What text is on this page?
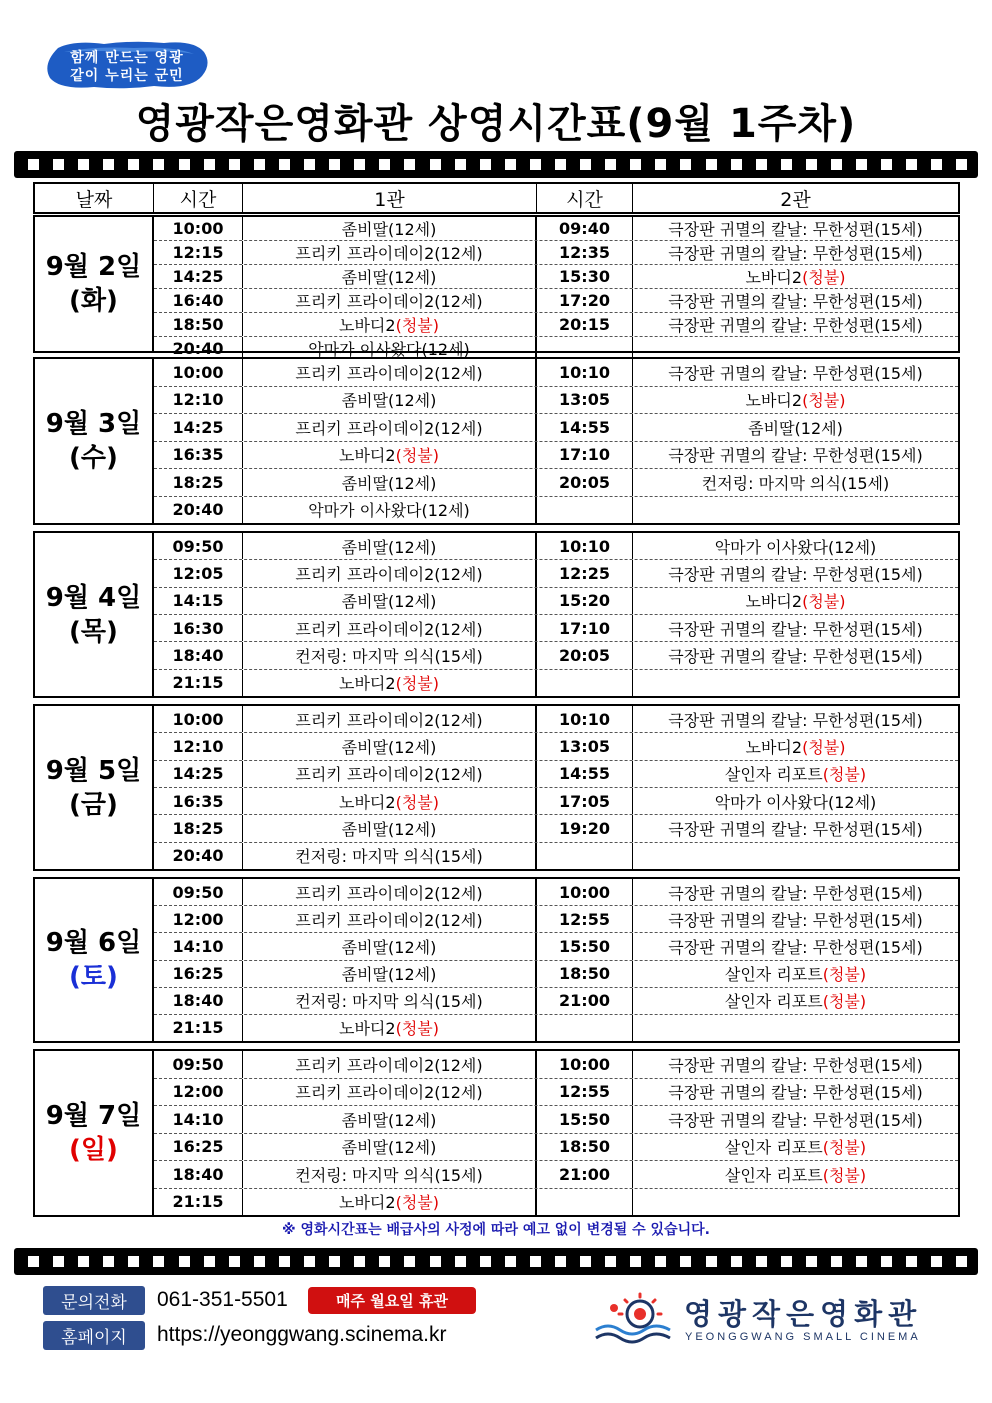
함께 만드는 영광
같이 누리는 군민
영광작은영화관 상영시간표(9월 1주차)
날짜	시간	1관	시간	2관
9월 2일
(화)
10:00	좀비딸 (12세)	09:40	극장판 귀멸의 칼날: 무한성편 (15세)
12:15	프리키 프라이데이2 (12세)	12:35	극장판 귀멸의 칼날: 무한성편 (15세)
14:25	좀비딸 (12세)	15:30	노바디2 (청불)
16:40	프리키 프라이데이2 (12세)	17:20	극장판 귀멸의 칼날: 무한성편 (15세)
18:50	노바디2 (청불)	20:15	극장판 귀멸의 칼날: 무한성편 (15세)
20:40	악마가 이사왔다 (12세)
9월 3일
(수)
10:00	프리키 프라이데이2 (12세)	10:10	극장판 귀멸의 칼날: 무한성편 (15세)
12:10	좀비딸 (12세)	13:05	노바디2 (청불)
14:25	프리키 프라이데이2 (12세)	14:55	좀비딸 (12세)
16:35	노바디2 (청불)	17:10	극장판 귀멸의 칼날: 무한성편 (15세)
18:25	좀비딸 (12세)	20:05	컨저링: 마지막 의식 (15세)
20:40	악마가 이사왔다 (12세)
9월 4일
(목)
09:50	좀비딸 (12세)	10:10	악마가 이사왔다 (12세)
12:05	프리키 프라이데이2 (12세)	12:25	극장판 귀멸의 칼날: 무한성편 (15세)
14:15	좀비딸 (12세)	15:20	노바디2 (청불)
16:30	프리키 프라이데이2 (12세)	17:10	극장판 귀멸의 칼날: 무한성편 (15세)
18:40	컨저링: 마지막 의식 (15세)	20:05	극장판 귀멸의 칼날: 무한성편 (15세)
21:15	노바디2 (청불)
9월 5일
(금)
10:00	프리키 프라이데이2 (12세)	10:10	극장판 귀멸의 칼날: 무한성편 (15세)
12:10	좀비딸 (12세)	13:05	노바디2 (청불)
14:25	프리키 프라이데이2 (12세)	14:55	살인자 리포트 (청불)
16:35	노바디2 (청불)	17:05	악마가 이사왔다 (12세)
18:25	좀비딸 (12세)	19:20	극장판 귀멸의 칼날: 무한성편 (15세)
20:40	컨저링: 마지막 의식 (15세)
9월 6일
(토)
09:50	프리키 프라이데이2 (12세)	10:00	극장판 귀멸의 칼날: 무한성편 (15세)
12:00	프리키 프라이데이2 (12세)	12:55	극장판 귀멸의 칼날: 무한성편 (15세)
14:10	좀비딸 (12세)	15:50	극장판 귀멸의 칼날: 무한성편 (15세)
16:25	좀비딸 (12세)	18:50	살인자 리포트 (청불)
18:40	컨저링: 마지막 의식 (15세)	21:00	살인자 리포트 (청불)
21:15	노바디2 (청불)
9월 7일
(일)
09:50	프리키 프라이데이2 (12세)	10:00	극장판 귀멸의 칼날: 무한성편 (15세)
12:00	프리키 프라이데이2 (12세)	12:55	극장판 귀멸의 칼날: 무한성편 (15세)
14:10	좀비딸 (12세)	15:50	극장판 귀멸의 칼날: 무한성편 (15세)
16:25	좀비딸 (12세)	18:50	살인자 리포트 (청불)
18:40	컨저링: 마지막 의식 (15세)	21:00	살인자 리포트 (청불)
21:15	노바디2 (청불)
※ 영화시간표는 배급사의 사정에 따라 예고 없이 변경될 수 있습니다.
문의전화	061-351-5501	매주 월요일 휴관
홈페이지	https://yeonggwang.scinema.kr
영광작은영화관
YEONGGWANG SMALL CINEMA
